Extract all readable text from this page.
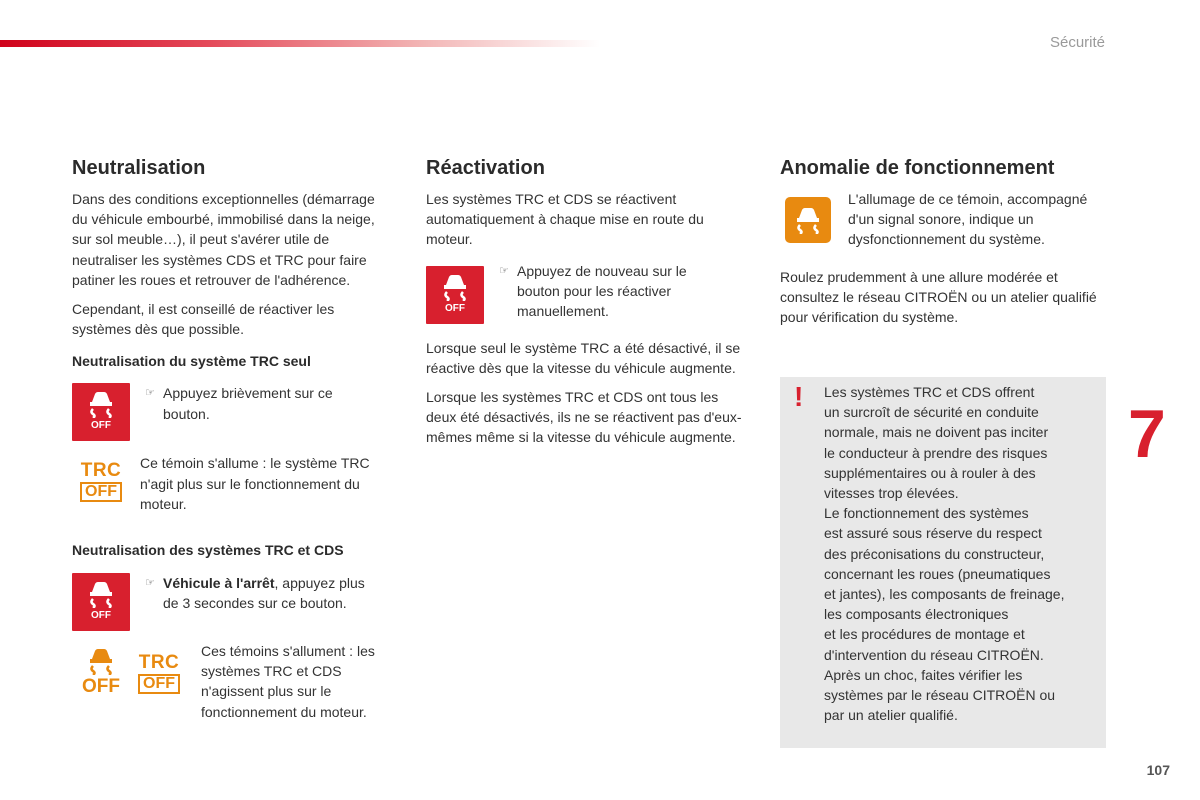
Sécurité
Neutralisation

Dans des conditions exceptionnelles (démarrage du véhicule embourbé, immobilisé dans la neige, sur sol meuble…), il peut s'avérer utile de neutraliser les systèmes CDS et TRC pour faire patiner les roues et retrouver de l'adhérence.

Cependant, il est conseillé de réactiver les systèmes dès que possible.

Neutralisation du système TRC seul
OFF
☞ Appuyez brièvement sur ce bouton.
TRC
OFF
Ce témoin s'allume : le système TRC n'agit plus sur le fonctionnement du moteur.
Neutralisation des systèmes TRC et CDS
OFF
☞ Véhicule à l'arrêt, appuyez plus de 3 secondes sur ce bouton.
OFF
TRC
OFF
Ces témoins s'allument : les systèmes TRC et CDS n'agissent plus sur le fonctionnement du moteur.
Réactivation

Les systèmes TRC et CDS se réactivent automatiquement à chaque mise en route du moteur.

OFF
☞ Appuyez de nouveau sur le bouton pour les réactiver manuellement.

Lorsque seul le système TRC a été désactivé, il se réactive dès que la vitesse du véhicule augmente.

Lorsque les systèmes TRC et CDS ont tous les deux été désactivés, ils ne se réactivent pas d'eux-mêmes même si la vitesse du véhicule augmente.

Anomalie de fonctionnement
L'allumage de ce témoin, accompagné d'un signal sonore, indique un dysfonctionnement du système.

Roulez prudemment à une allure modérée et consultez le réseau CITROËN ou un atelier qualifié pour vérification du système.

! Les systèmes TRC et CDS offrent
un surcroît de sécurité en conduite
normale, mais ne doivent pas inciter
le conducteur à prendre des risques
supplémentaires ou à rouler à des
vitesses trop élevées.
Le fonctionnement des systèmes
est assuré sous réserve du respect
des préconisations du constructeur,
concernant les roues (pneumatiques
et jantes), les composants de freinage,
les composants électroniques
et les procédures de montage et
d'intervention du réseau CITROËN.
Après un choc, faites vérifier les
systèmes par le réseau CITROËN ou
par un atelier qualifié.
7
107
